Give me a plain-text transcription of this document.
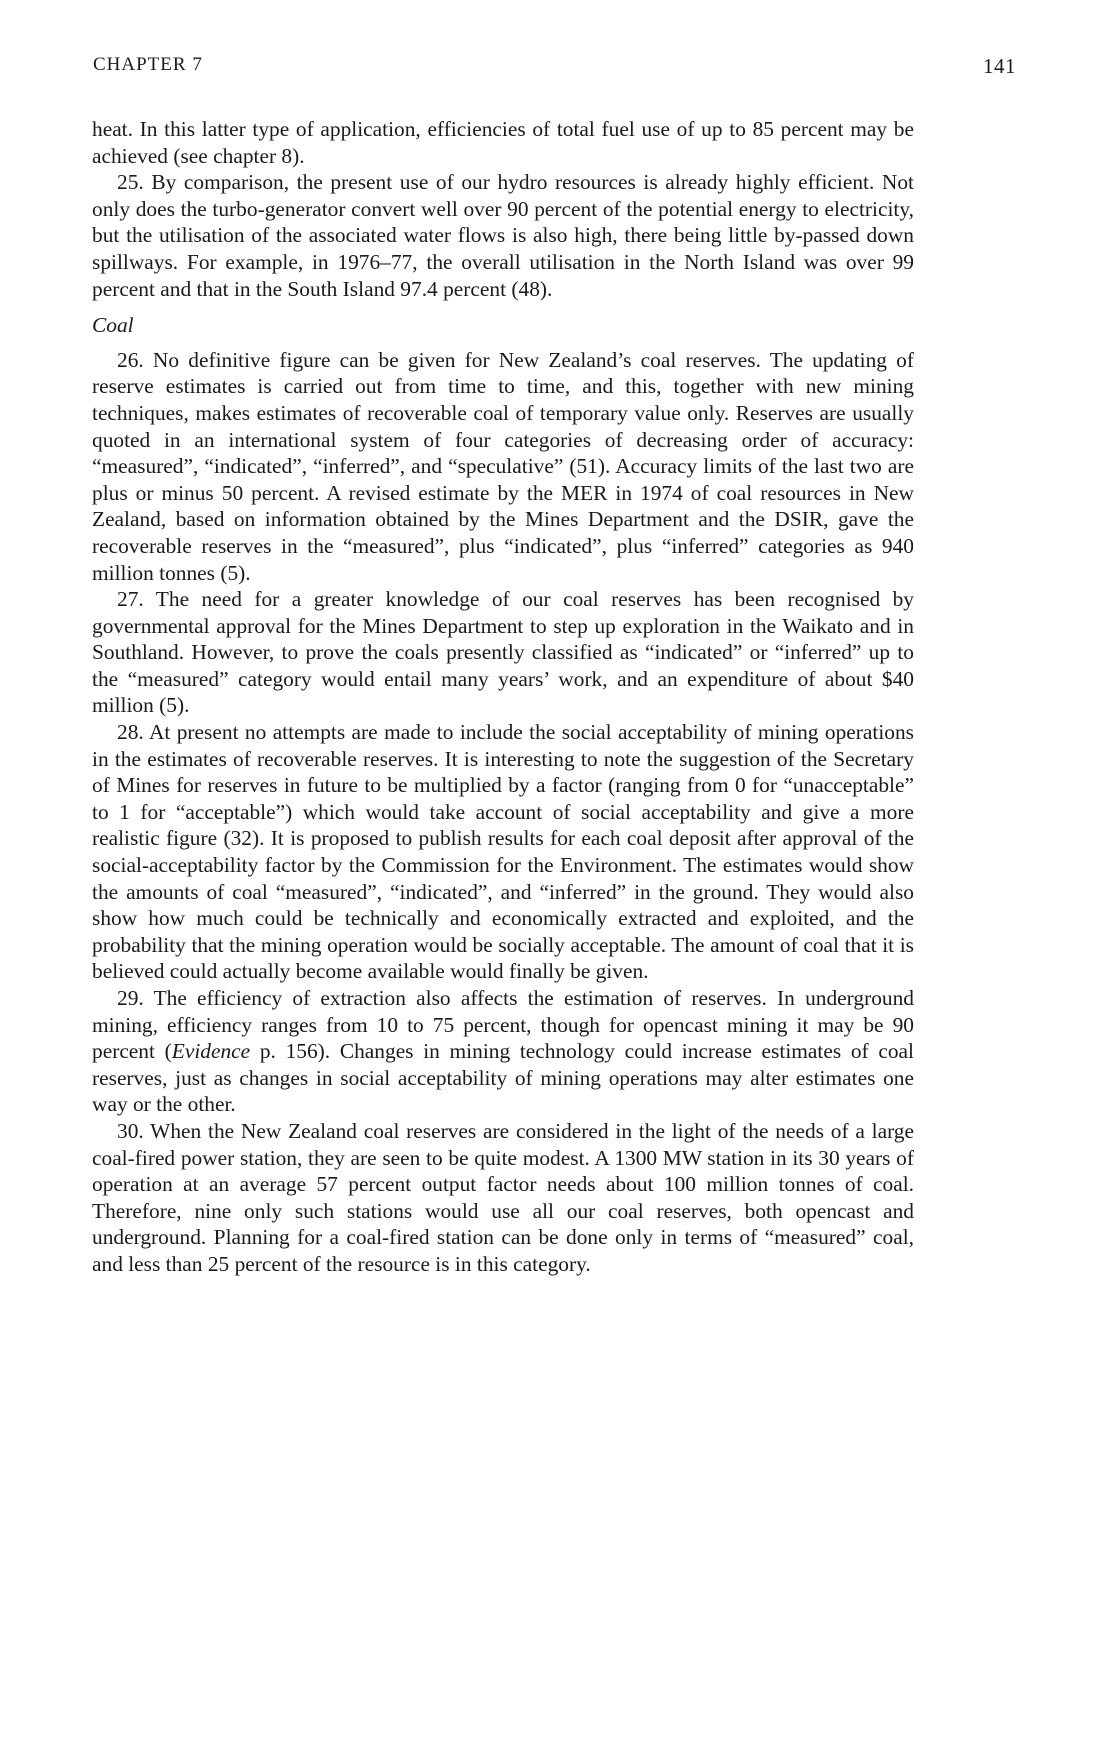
CHAPTER 7	141

heat. In this latter type of application, efficiencies of total fuel use of up to 85 percent may be achieved (see chapter 8).

25. By comparison, the present use of our hydro resources is already highly efficient. Not only does the turbo-generator convert well over 90 percent of the potential energy to electricity, but the utilisation of the associated water flows is also high, there being little by-passed down spillways. For example, in 1976–77, the overall utilisation in the North Island was over 99 percent and that in the South Island 97.4 percent (48).

Coal

26. No definitive figure can be given for New Zealand’s coal reserves. The updating of reserve estimates is carried out from time to time, and this, together with new mining techniques, makes estimates of recoverable coal of temporary value only. Reserves are usually quoted in an international system of four categories of decreasing order of accuracy: “measured”, “indicated”, “inferred”, and “speculative” (51). Accuracy limits of the last two are plus or minus 50 percent. A revised estimate by the MER in 1974 of coal resources in New Zealand, based on information obtained by the Mines Department and the DSIR, gave the recoverable reserves in the “measured”, plus “indicated”, plus “inferred” categories as 940 million tonnes (5).

27. The need for a greater knowledge of our coal reserves has been recognised by governmental approval for the Mines Department to step up exploration in the Waikato and in Southland. However, to prove the coals presently classified as “indicated” or “inferred” up to the “measured” category would entail many years’ work, and an expenditure of about $40 million (5).

28. At present no attempts are made to include the social acceptability of mining operations in the estimates of recoverable reserves. It is interesting to note the suggestion of the Secretary of Mines for reserves in future to be multiplied by a factor (ranging from 0 for “unacceptable” to 1 for “acceptable”) which would take account of social acceptability and give a more realistic figure (32). It is proposed to publish results for each coal deposit after approval of the social-acceptability factor by the Commission for the Environment. The estimates would show the amounts of coal “measured”, “indicated”, and “inferred” in the ground. They would also show how much could be technically and economically extracted and exploited, and the probability that the mining operation would be socially acceptable. The amount of coal that it is believed could actually become available would finally be given.

29. The efficiency of extraction also affects the estimation of reserves. In underground mining, efficiency ranges from 10 to 75 percent, though for opencast mining it may be 90 percent (Evidence p. 156). Changes in mining technology could increase estimates of coal reserves, just as changes in social acceptability of mining operations may alter estimates one way or the other.

30. When the New Zealand coal reserves are considered in the light of the needs of a large coal-fired power station, they are seen to be quite modest. A 1300 MW station in its 30 years of operation at an average 57 percent output factor needs about 100 million tonnes of coal. Therefore, nine only such stations would use all our coal reserves, both opencast and underground. Planning for a coal-fired station can be done only in terms of “measured” coal, and less than 25 percent of the resource is in this category.
